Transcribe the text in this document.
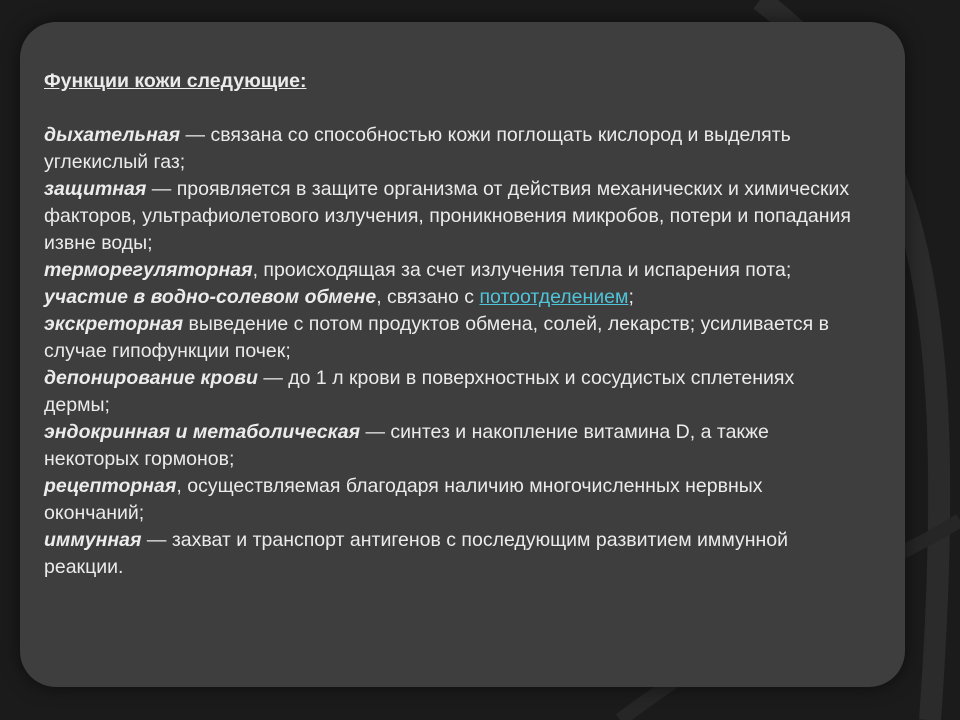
Функции кожи следующие:

дыхательная — связана со способностью кожи поглощать кислород и выделять углекислый газ;

защитная — проявляется в защите организма от действия механических и химических факторов, ультрафиолетового излучения, проникновения микробов, потери и попадания извне воды;

терморегуляторная, происходящая за счет излучения тепла и испарения пота;

участие в водно-солевом обмене, связано с потоотделением;

экскреторная выведение с потом продуктов обмена, солей, лекарств; усиливается в случае гипофункции почек;

депонирование крови — до 1 л крови в поверхностных и сосудистых сплетениях дермы;

эндокринная и метаболическая — синтез и накопление витамина D, а также некоторых гормонов;

рецепторная, осуществляемая благодаря наличию многочисленных нервных окончаний;

иммунная — захват и транспорт антигенов с последующим развитием иммунной реакции.
